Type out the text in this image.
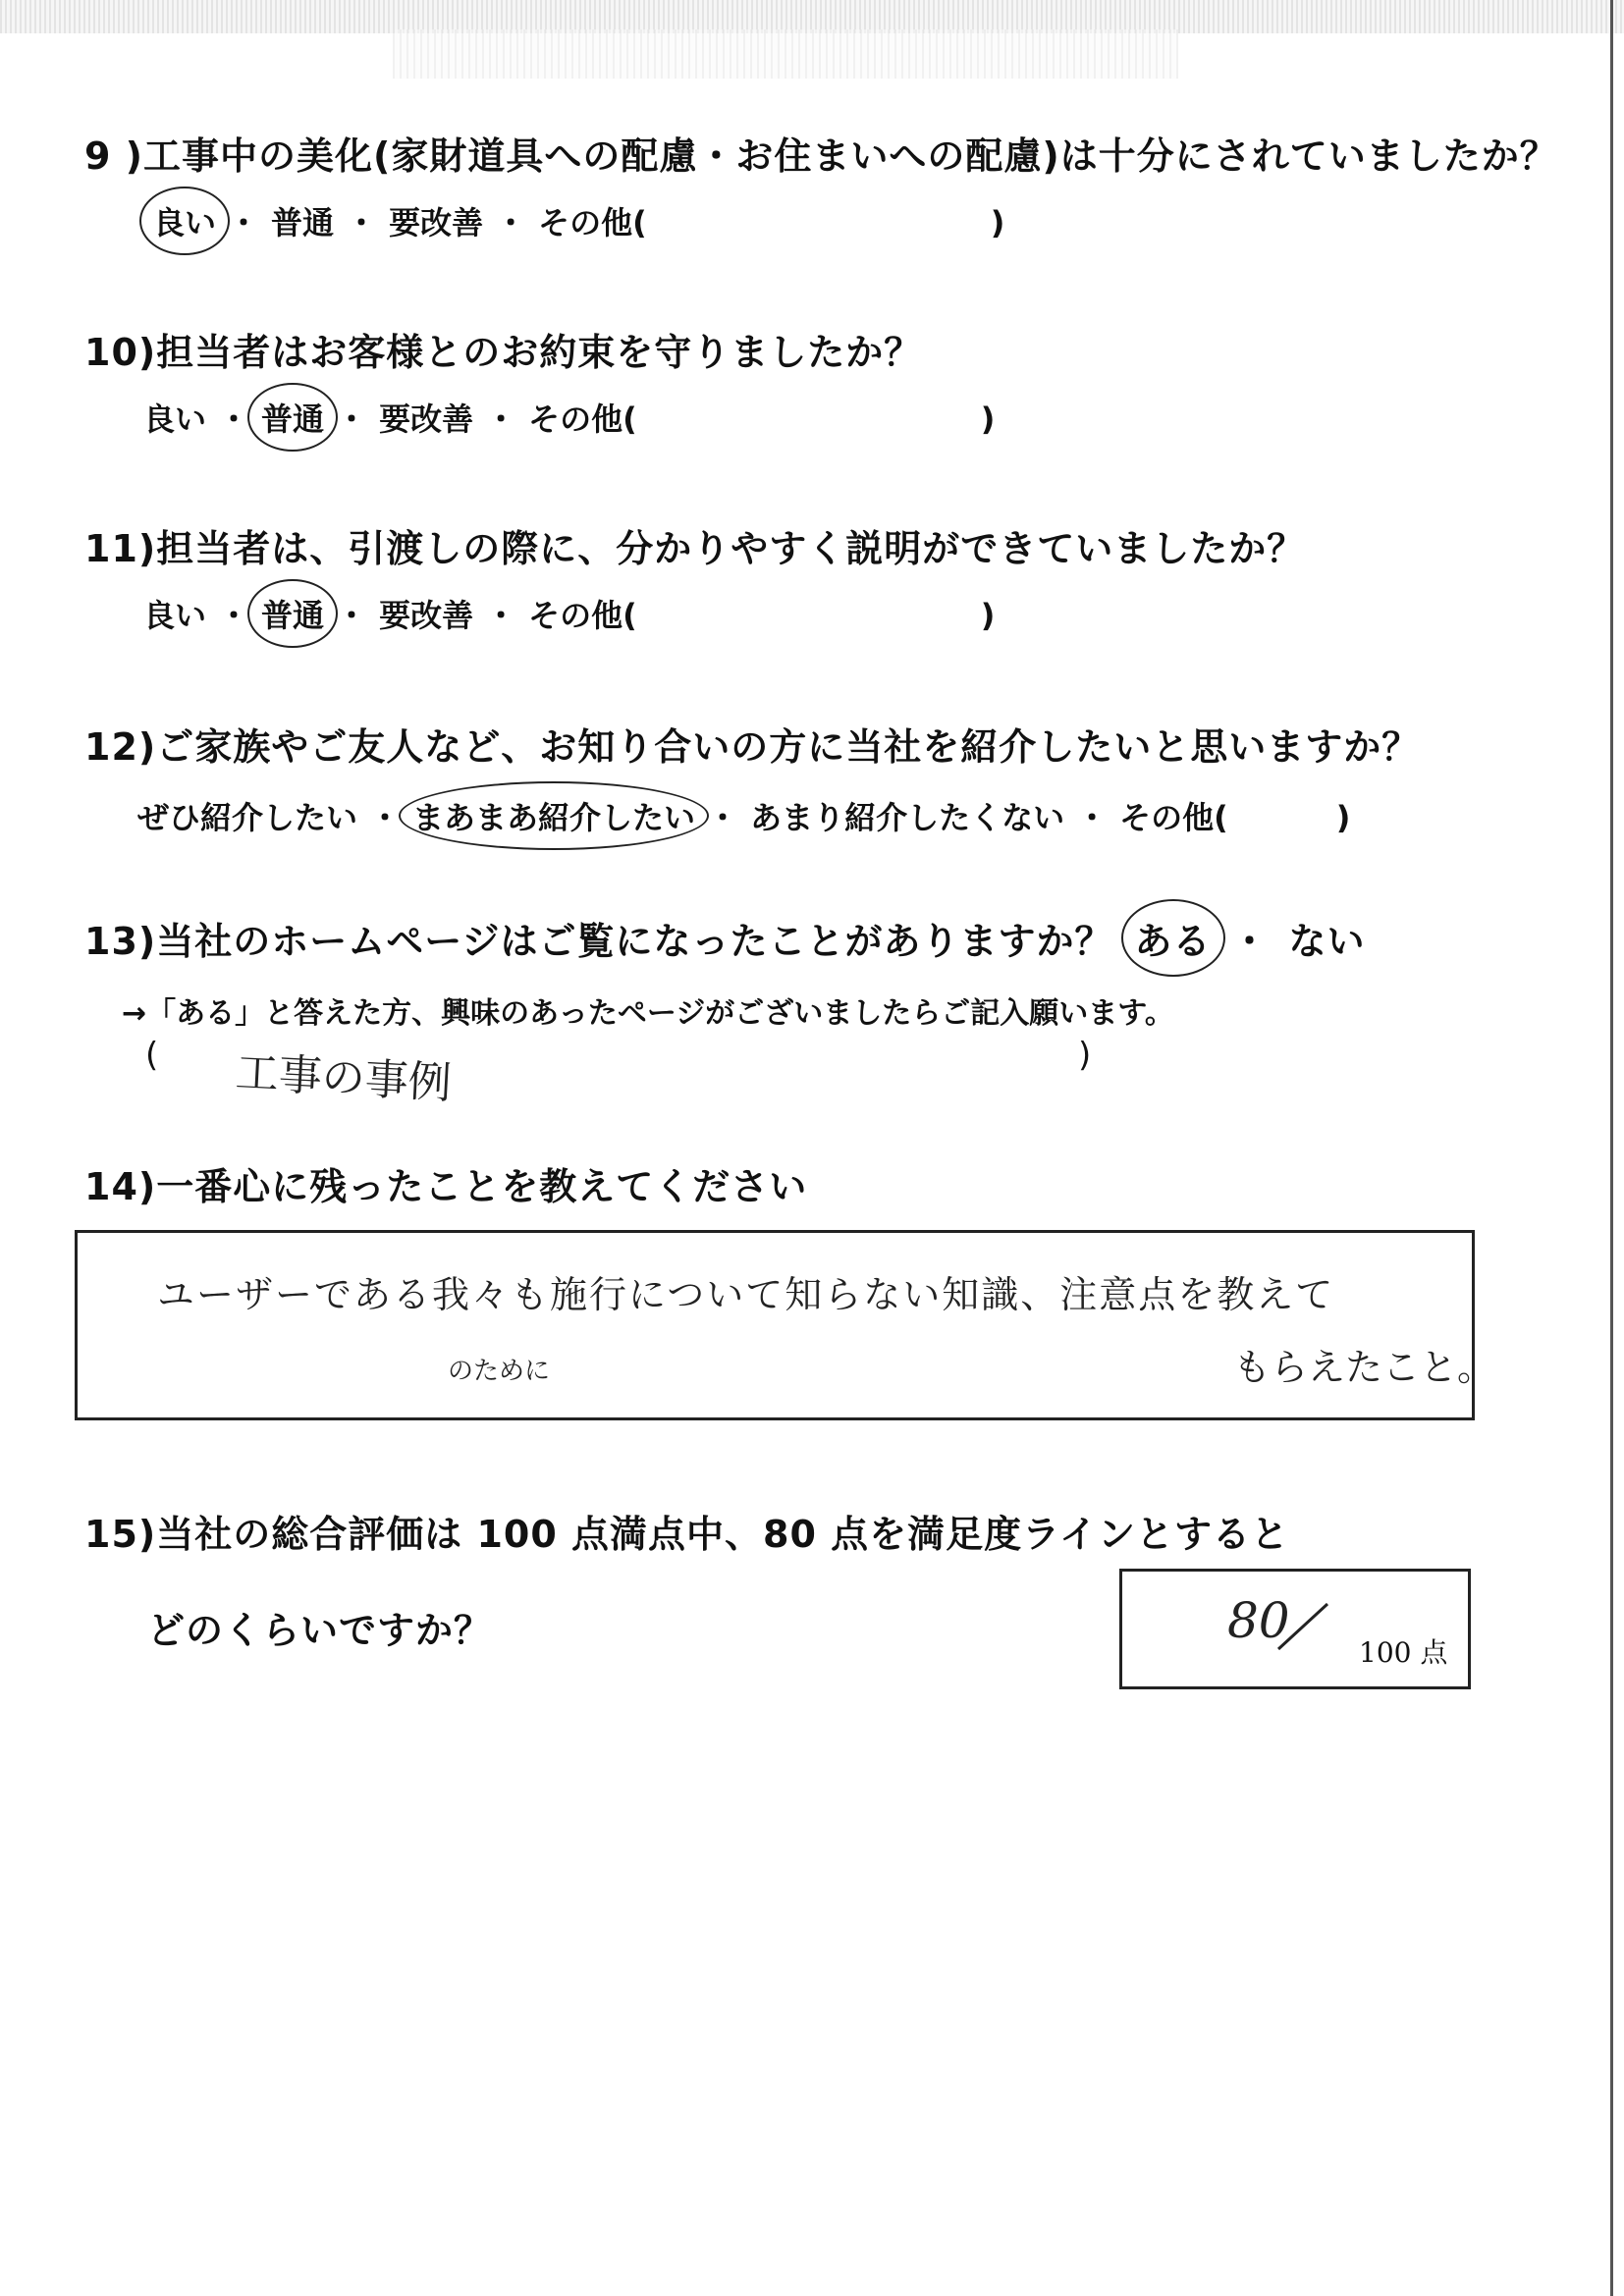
9 )工事中の美化(家財道具への配慮・お住まいへの配慮)は十分にされていましたか？
良い ・ 普通 ・ 要改善 ・ その他(	)
10)担当者はお客様とのお約束を守りましたか？
良い ・ 普通 ・ 要改善 ・ その他(	)
11)担当者は、引渡しの際に、分かりやすく説明ができていましたか？
良い ・ 普通 ・ 要改善 ・ その他(	)
12)ご家族やご友人など、お知り合いの方に当社を紹介したいと思いますか？
ぜひ紹介したい ・ まあまあ紹介したい ・ あまり紹介したくない ・ その他(	)
13)当社のホームページはご覧になったことがありますか？ ある ・ ない
→「ある」と答えた方、興味のあったページがございましたらご記入願います。
( 工事の事例	)
14)一番心に残ったことを教えてください
ユーザーである我々も施行について知らない知識、注意点を教えて
のために	もらえたこと。
15)当社の総合評価は 100 点満点中、80 点を満足度ラインとすると
どのくらいですか？	80
100 点
